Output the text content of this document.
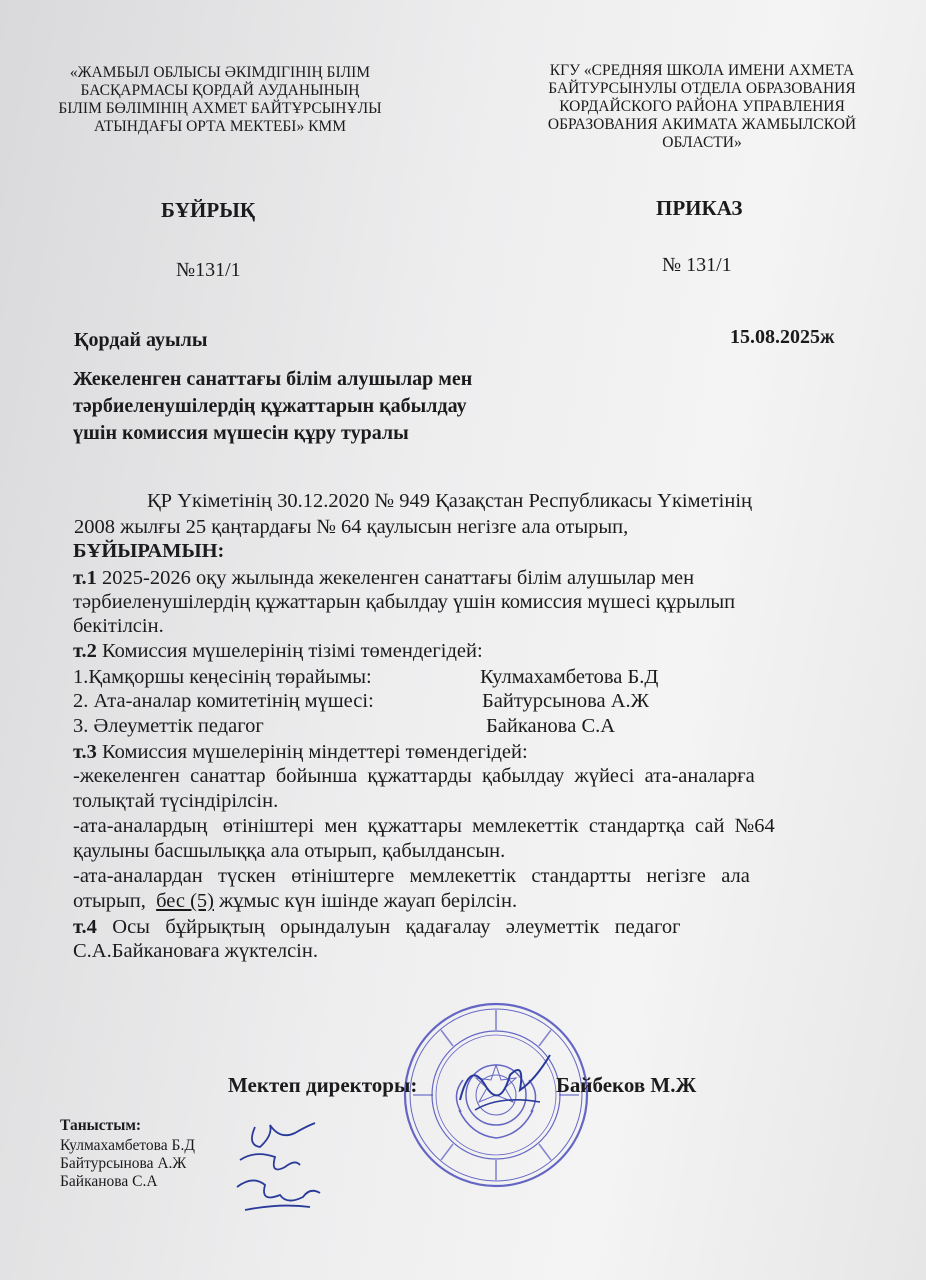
«ЖАМБЫЛ ОБЛЫСЫ ӘКІМДІГІНІҢ БІЛІМ
БАСҚАРМАСЫ ҚОРДАЙ АУДАНЫНЫҢ
БІЛІМ БӨЛІМІНІҢ АХМЕТ БАЙТҰРСЫНҰЛЫ
АТЫНДАҒЫ ОРТА МЕКТЕБІ» КММ
КГУ «СРЕДНЯЯ ШКОЛА ИМЕНИ АХМЕТА
БАЙТУРСЫНУЛЫ ОТДЕЛА ОБРАЗОВАНИЯ
КОРДАЙСКОГО РАЙОНА УПРАВЛЕНИЯ
ОБРАЗОВАНИЯ АКИМАТА ЖАМБЫЛСКОЙ
ОБЛАСТИ»
БҰЙРЫҚ	ПРИКАЗ
№131/1	№ 131/1
Қордай ауылы	15.08.2025ж
Жекеленген санаттағы білім алушылар мен
тәрбиеленушілердің құжаттарын қабылдау
үшін комиссия мүшесін құру туралы
ҚР Үкіметінің 30.12.2020 № 949 Қазақстан Республикасы Үкіметінің
2008 жылғы 25 қаңтардағы № 64 қаулысын негізге ала отырып,
БҰЙЫРАМЫН:
т.1 2025-2026 оқу жылында жекеленген санаттағы білім алушылар мен
тәрбиеленушілердің құжаттарын қабылдау үшін комиссия мүшесі құрылып
бекітілсін.
т.2 Комиссия мүшелерінің тізімі төмендегідей:
1.Қамқоршы кеңесінің төрайымы:	Кулмахамбетова Б.Д
2. Ата-аналар комитетінің мүшесі:	Байтурсынова А.Ж
3. Әлеуметтік педагог	Байканова С.А
т.3 Комиссия мүшелерінің міндеттері төмендегідей:
-жекеленген  санаттар  бойынша  құжаттарды  қабылдау  жүйесі  ата-аналарға
толықтай түсіндірілсін.
-ата-аналардың   өтініштері  мен  құжаттары  мемлекеттік  стандартқа  сай  №64
қаулыны басшылыққа ала отырып, қабылдансын.
-ата-аналардан   түскен   өтініштерге   мемлекеттік   стандартты   негізге   ала
отырып,  бес (5) жұмыс күн ішінде жауап берілсін.
т.4   Осы   бұйрықтың   орындалуын   қадағалау   әлеуметтік   педагог
С.А.Байкановаға жүктелсін.
Мектеп директоры:	Байбеков М.Ж
Таныстым:
Кулмахамбетова Б.Д
Байтурсынова А.Ж
Байканова С.А
